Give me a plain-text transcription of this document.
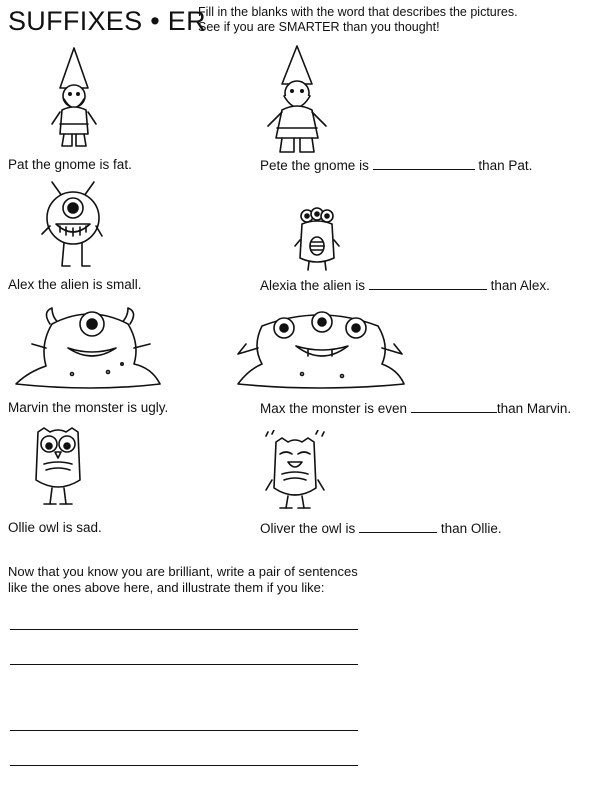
SUFFIXES • ER
Fill in the blanks with the word that describes the pictures.
See if you are SMARTER than you thought!
Pat the gnome is fat.	Pete the gnome is	than Pat.
Alex the alien is small.	Alexia the alien is	than Alex.
Marvin the monster is ugly.	Max the monster is even	than Marvin.
Ollie owl is sad.	Oliver the owl is	than Ollie.
Now that you know you are brilliant, write a pair of sentences
like the ones above here, and illustrate them if you like:
